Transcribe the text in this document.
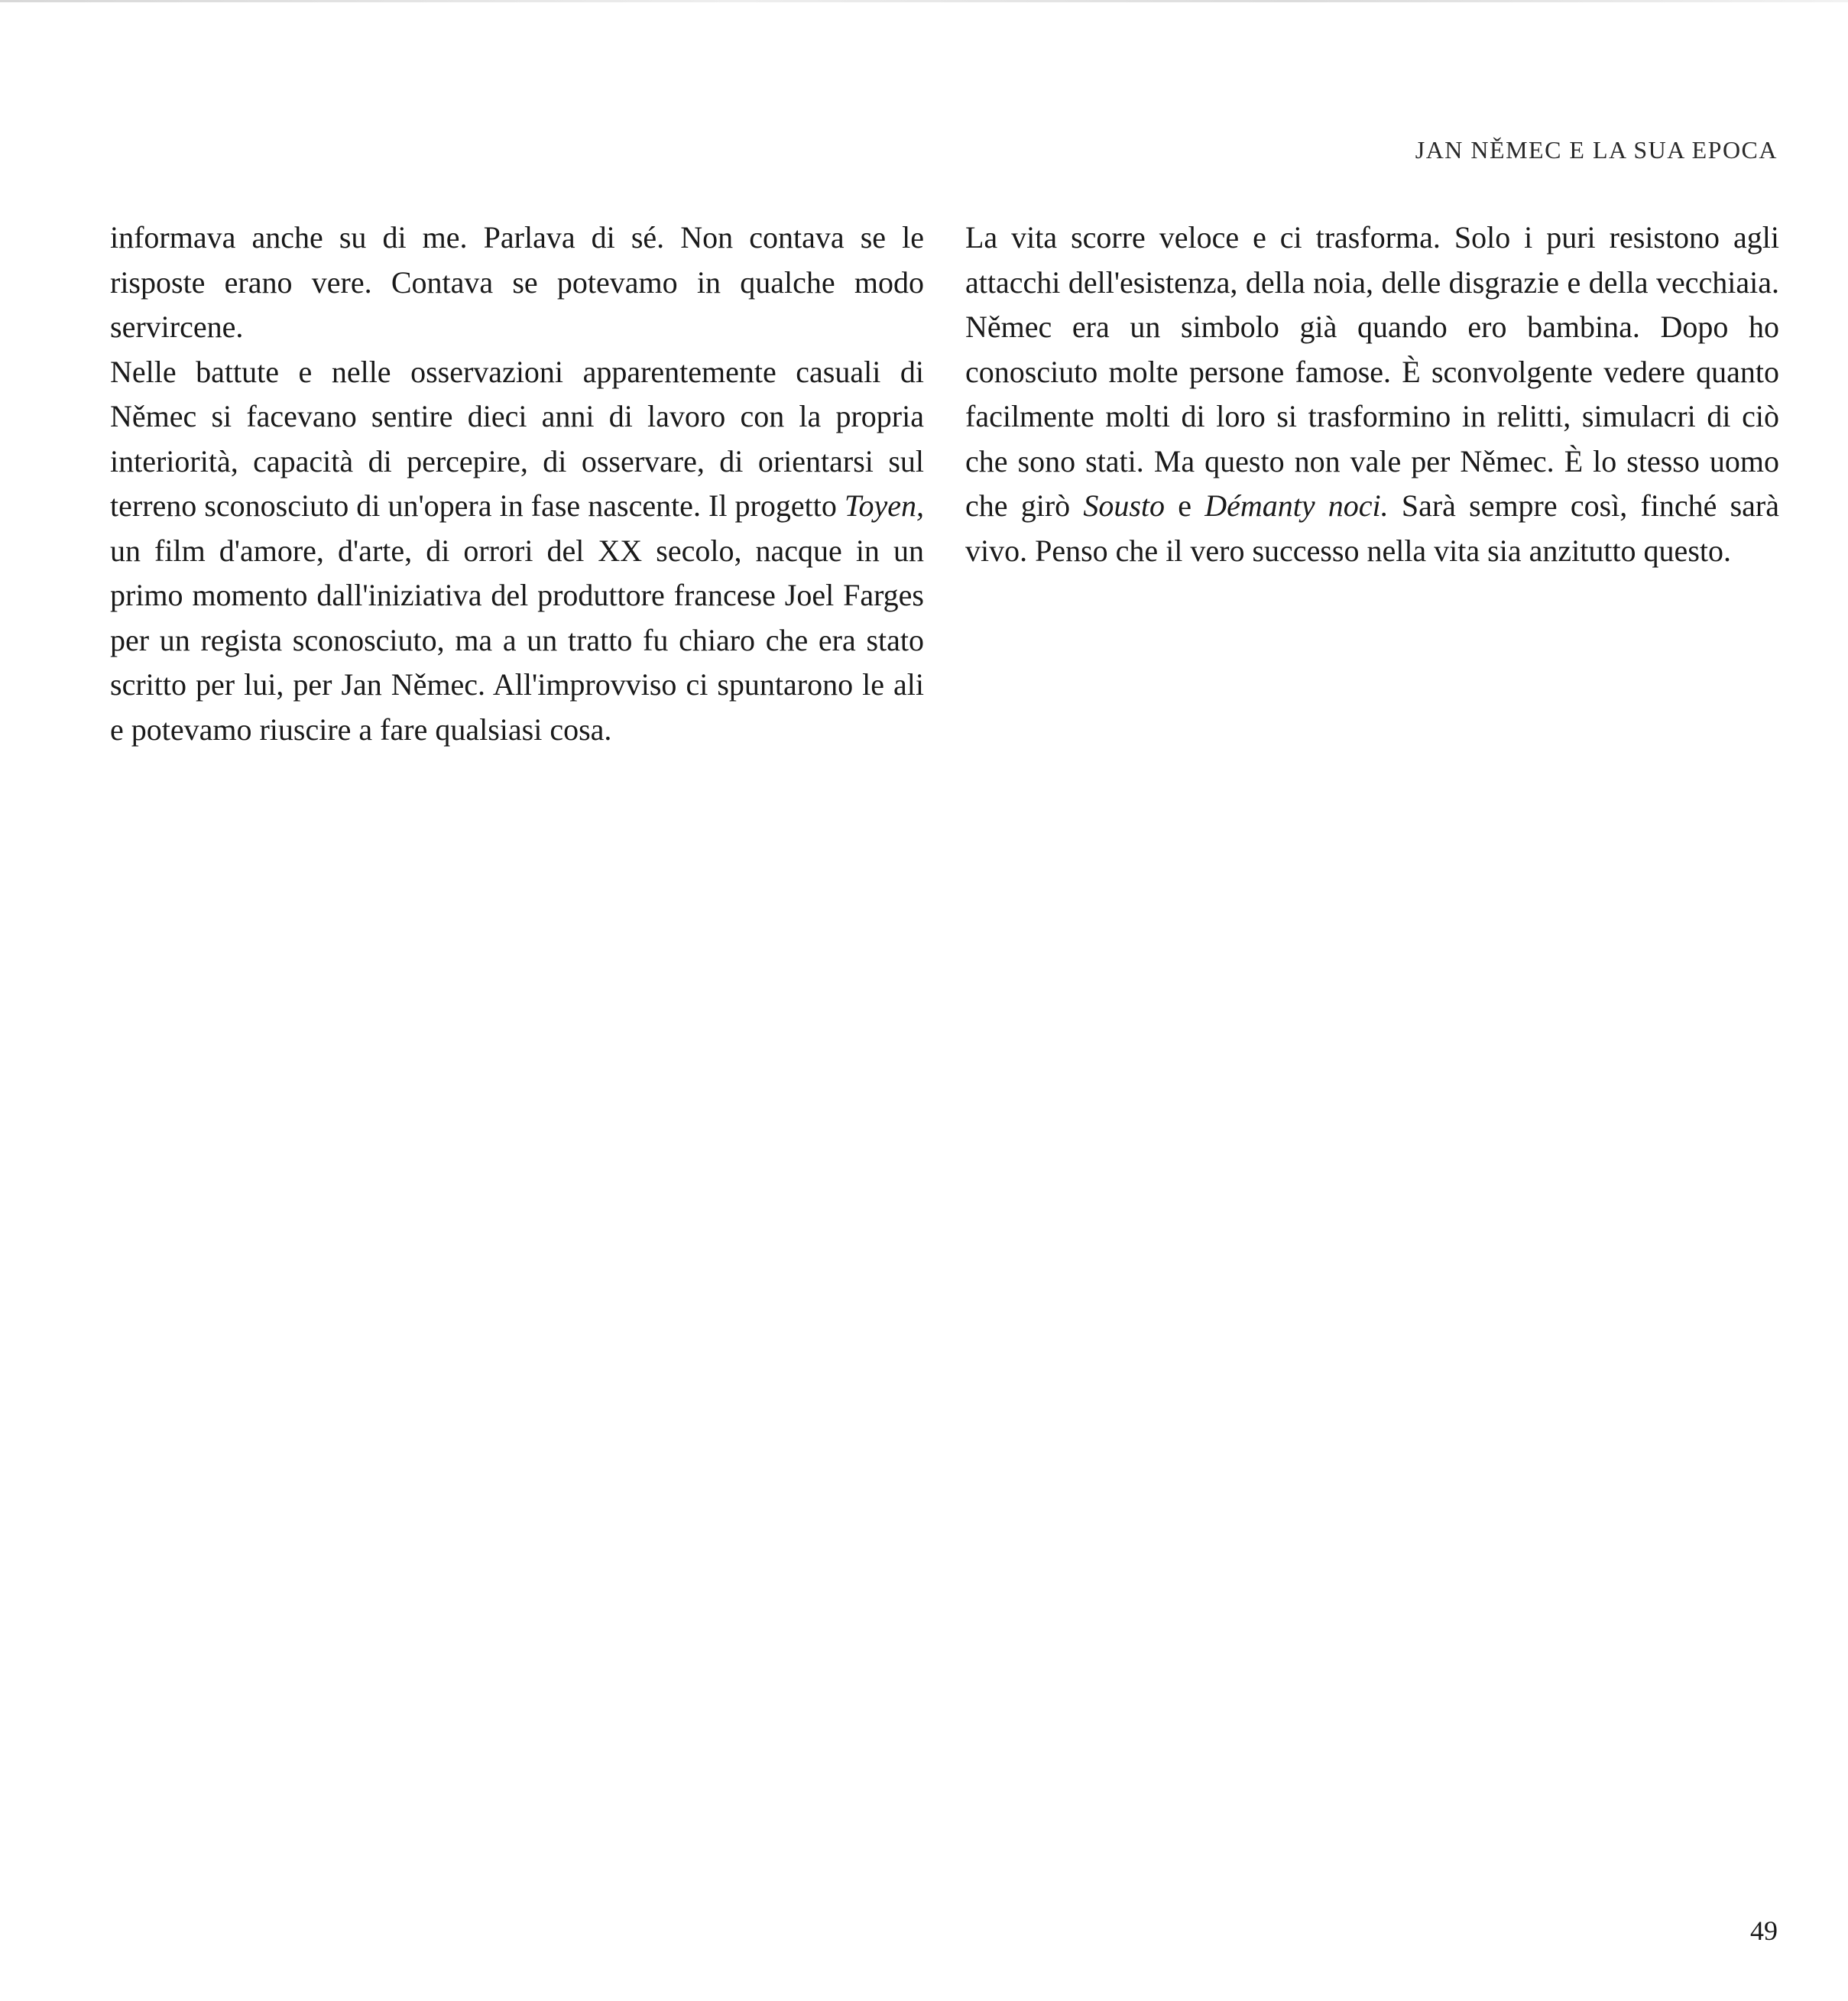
JAN NĚMEC E LA SUA EPOCA

informava anche su di me. Parlava di sé. Non contava se le risposte erano vere. Contava se potevamo in qualche modo servircene.

Nelle battute e nelle osservazioni apparentemente casuali di Němec si facevano sentire dieci anni di lavoro con la propria interiorità, capacità di percepire, di osservare, di orientarsi sul terreno sconosciuto di un'opera in fase nascente. Il progetto Toyen, un film d'amore, d'arte, di orrori del XX secolo, nacque in un primo momento dall'iniziativa del produttore francese Joel Farges per un regista sconosciuto, ma a un tratto fu chiaro che era stato scritto per lui, per Jan Němec. All'improvviso ci spuntarono le ali e potevamo riuscire a fare qualsiasi cosa.

La vita scorre veloce e ci trasforma. Solo i puri resistono agli attacchi dell'esistenza, della noia, delle disgrazie e della vecchiaia. Němec era un simbolo già quando ero bambina. Dopo ho conosciuto molte persone famose. È sconvolgente vedere quanto facilmente molti di loro si trasformino in relitti, simulacri di ciò che sono stati. Ma questo non vale per Němec. È lo stesso uomo che girò Sousto e Démanty noci. Sarà sempre così, finché sarà vivo. Penso che il vero successo nella vita sia anzitutto questo.

49
